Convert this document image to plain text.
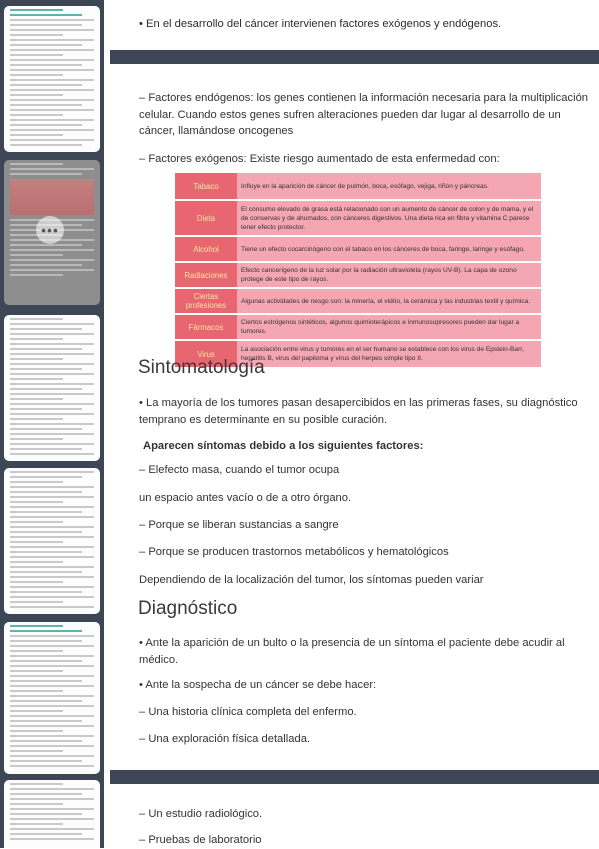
•••
• En el desarrollo del cáncer intervienen factores exógenos y endógenos.
– Factores endógenos: los genes contienen la información necesaria para la multiplicación celular. Cuando estos genes sufren alteraciones pueden dar lugar al desarrollo de un cáncer, llamándose oncogenes
– Factores exógenos: Existe riesgo aumentado de esta enfermedad con:
Tabaco	Influye en la aparición de cáncer de pulmón, boca, esófago, vejiga, riñón y páncreas.
Dieta	El consumo elevado de grasa está relacionado con un aumento de cáncer de colon y de mama, y el de conservas y de ahumados, con cánceres digestivos. Una dieta rica en fibra y vitamina C parece tener efecto protector.
Alcohol	Tiene un efecto cocarcinógeno con el tabaco en los cánceres de boca, faringe, laringe y esófago.
Radiaciones	Efecto cancerígeno de la luz solar por la radiación ultravioleta (rayos UV-B). La capa de ozono protege de este tipo de rayos.
Ciertas profesiones	Algunas actividades de riesgo son: la minería, el vidrio, la cerámica y las industrias textil y química.
Fármacos	Ciertos estrógenos sintéticos, algunos quimioterápicos e inmunosupresores pueden dar lugar a tumores.
Virus	La asociación entre virus y tumores en el ser humano se establece con los virus de Epstein-Barr, hepatitis B, virus del papiloma y virus del herpes simple tipo II.
Sintomatología
• La mayoría de los tumores pasan desapercibidos en las primeras fases, su diagnóstico temprano es determinante en su posible curación.
Aparecen síntomas debido a los siguientes factores:
– Elefecto masa, cuando el tumor ocupa
un espacio antes vacío o de a otro órgano.
– Porque se liberan sustancias a sangre
– Porque se producen trastornos metabólicos y hematológicos
Dependiendo de la localización del tumor, los síntomas pueden variar
Diagnóstico
• Ante la aparición de un bulto o la presencia de un síntoma el paciente debe acudir al médico.
• Ante la sospecha de un cáncer se debe hacer:
– Una historia clínica completa del enfermo.
– Una exploración física detallada.
– Un estudio radiológico.
– Pruebas de laboratorio
